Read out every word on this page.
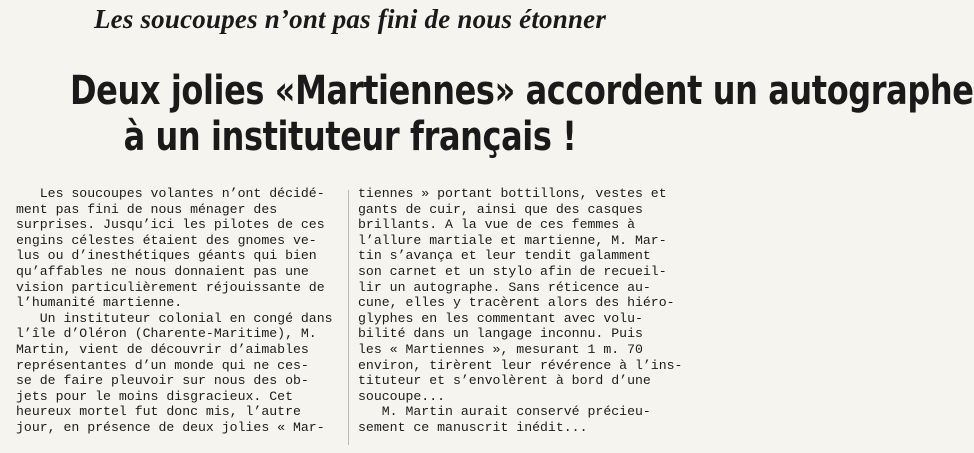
Les soucoupes n’ont pas fini de nous étonner
Deux jolies «Martiennes» accordent un autographe
à un instituteur français !
Les soucoupes volantes n’ont décidé-
ment pas fini de nous ménager des
surprises. Jusqu’ici les pilotes de ces
engins célestes étaient des gnomes ve-
lus ou d’inesthétiques géants qui bien
qu’affables ne nous donnaient pas une
vision particulièrement réjouissante de
l’humanité martienne.
Un instituteur colonial en congé dans
l’île d’Oléron (Charente-Maritime), M.
Martin, vient de découvrir d’aimables
représentantes d’un monde qui ne ces-
se de faire pleuvoir sur nous des ob-
jets pour le moins disgracieux. Cet
heureux mortel fut donc mis, l’autre
jour, en présence de deux jolies « Mar-
tiennes » portant bottillons, vestes et
gants de cuir, ainsi que des casques
brillants. A la vue de ces femmes à
l’allure martiale et martienne, M. Mar-
tin s’avança et leur tendit galamment
son carnet et un stylo afin de recueil-
lir un autographe. Sans réticence au-
cune, elles y tracèrent alors des hiéro-
glyphes en les commentant avec volu-
bilité dans un langage inconnu. Puis
les « Martiennes », mesurant 1 m. 70
environ, tirèrent leur révérence à l’ins-
tituteur et s’envolèrent à bord d’une
soucoupe...
M. Martin aurait conservé précieu-
sement ce manuscrit inédit...
